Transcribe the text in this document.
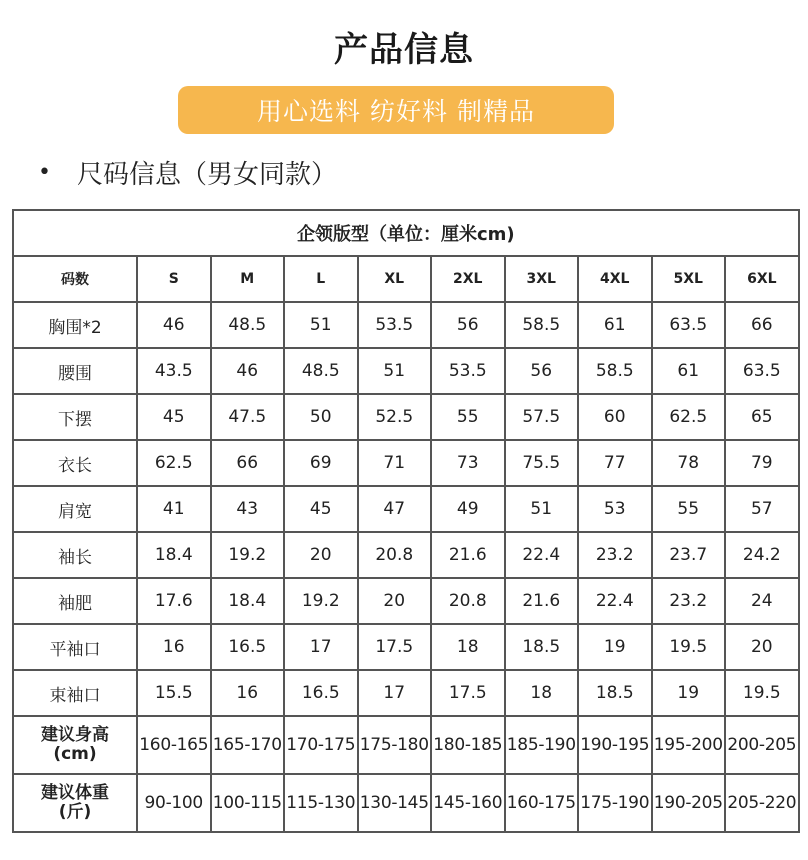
产品信息
用心选料 纺好料 制精品
• 尺码信息（男女同款）
企领版型（单位：厘米cm)									
码数	S	M	L	XL	2XL	3XL	4XL	5XL	6XL
胸围*2	46	48.5	51	53.5	56	58.5	61	63.5	66
腰围	43.5	46	48.5	51	53.5	56	58.5	61	63.5
下摆	45	47.5	50	52.5	55	57.5	60	62.5	65
衣长	62.5	66	69	71	73	75.5	77	78	79
肩宽	41	43	45	47	49	51	53	55	57
袖长	18.4	19.2	20	20.8	21.6	22.4	23.2	23.7	24.2
袖肥	17.6	18.4	19.2	20	20.8	21.6	22.4	23.2	24
平袖口	16	16.5	17	17.5	18	18.5	19	19.5	20
束袖口	15.5	16	16.5	17	17.5	18	18.5	19	19.5

建议身高
(cm)	160-165	165-170	170-175	175-180	180-185	185-190	190-195	195-200	200-205

建议体重
(斤)	90-100	100-115	115-130	130-145	145-160	160-175	175-190	190-205	205-220
